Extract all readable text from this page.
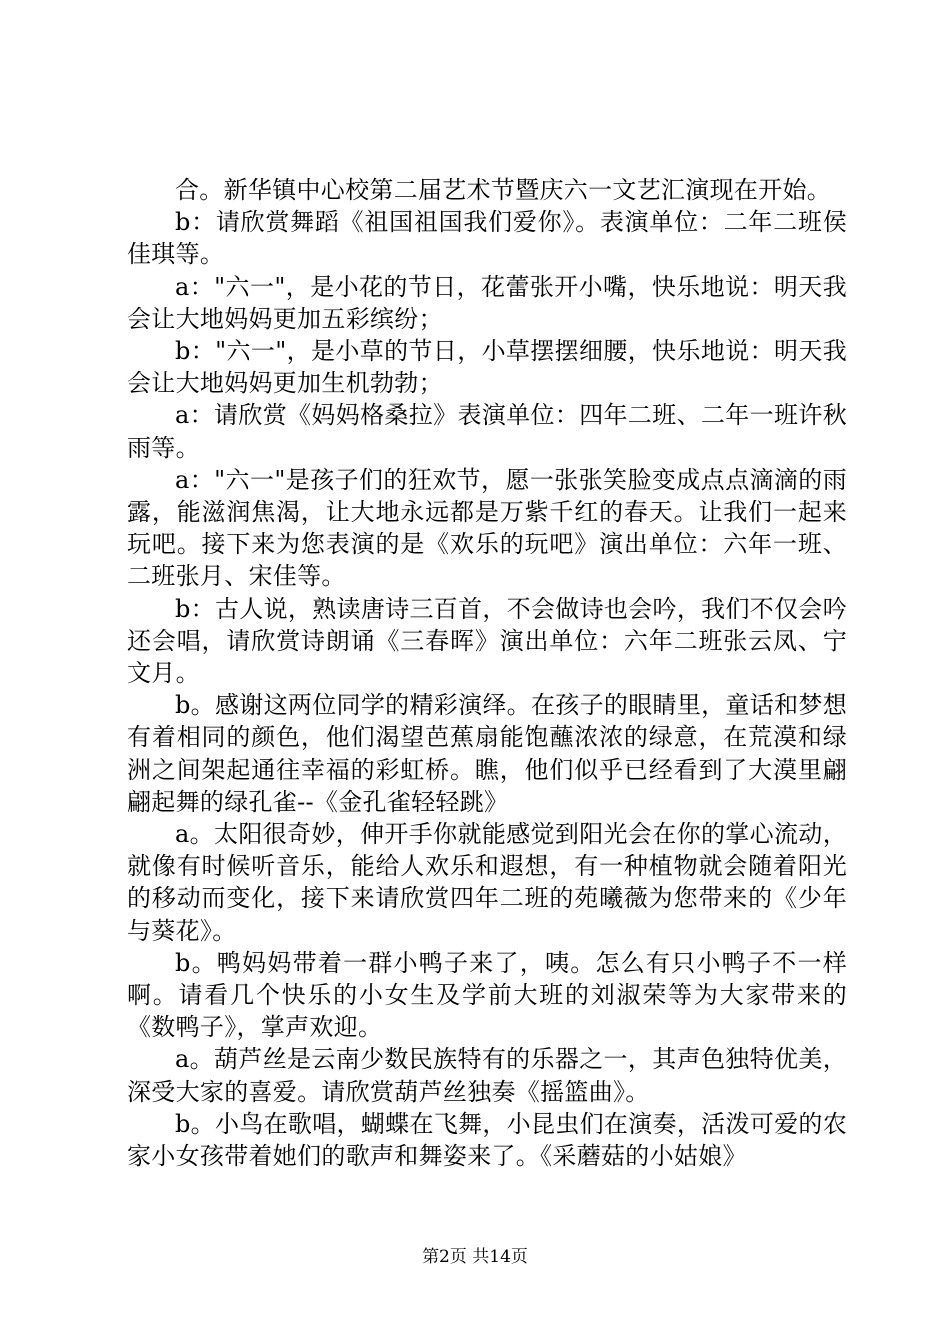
合。新华镇中心校第二届艺术节暨庆六一文艺汇演现在开始。

b：请欣赏舞蹈《祖国祖国我们爱你》。表演单位：二年二班侯佳琪等。

a："六一"，是小花的节日，花蕾张开小嘴，快乐地说：明天我会让大地妈妈更加五彩缤纷；

b："六一"，是小草的节日，小草摆摆细腰，快乐地说：明天我会让大地妈妈更加生机勃勃；

a：请欣赏《妈妈格桑拉》表演单位：四年二班、二年一班许秋雨等。

a："六一"是孩子们的狂欢节，愿一张张笑脸变成点点滴滴的雨露，能滋润焦渴，让大地永远都是万紫千红的春天。让我们一起来玩吧。接下来为您表演的是《欢乐的玩吧》演出单位：六年一班、二班张月、宋佳等。

b：古人说，熟读唐诗三百首，不会做诗也会吟，我们不仅会吟还会唱，请欣赏诗朗诵《三春晖》演出单位：六年二班张云凤、宁文月。

b。感谢这两位同学的精彩演绎。在孩子的眼睛里，童话和梦想有着相同的颜色，他们渴望芭蕉扇能饱蘸浓浓的绿意，在荒漠和绿洲之间架起通往幸福的彩虹桥。瞧，他们似乎已经看到了大漠里翩翩起舞的绿孔雀--《金孔雀轻轻跳》

a。太阳很奇妙，伸开手你就能感觉到阳光会在你的掌心流动，就像有时候听音乐，能给人欢乐和遐想，有一种植物就会随着阳光的移动而变化，接下来请欣赏四年二班的苑曦薇为您带来的《少年与葵花》。

b。鸭妈妈带着一群小鸭子来了，咦。怎么有只小鸭子不一样啊。请看几个快乐的小女生及学前大班的刘淑荣等为大家带来的《数鸭子》，掌声欢迎。

a。葫芦丝是云南少数民族特有的乐器之一，其声色独特优美，深受大家的喜爱。请欣赏葫芦丝独奏《摇篮曲》。

b。小鸟在歌唱，蝴蝶在飞舞，小昆虫们在演奏，活泼可爱的农家小女孩带着她们的歌声和舞姿来了。《采蘑菇的小姑娘》

第2页 共14页
